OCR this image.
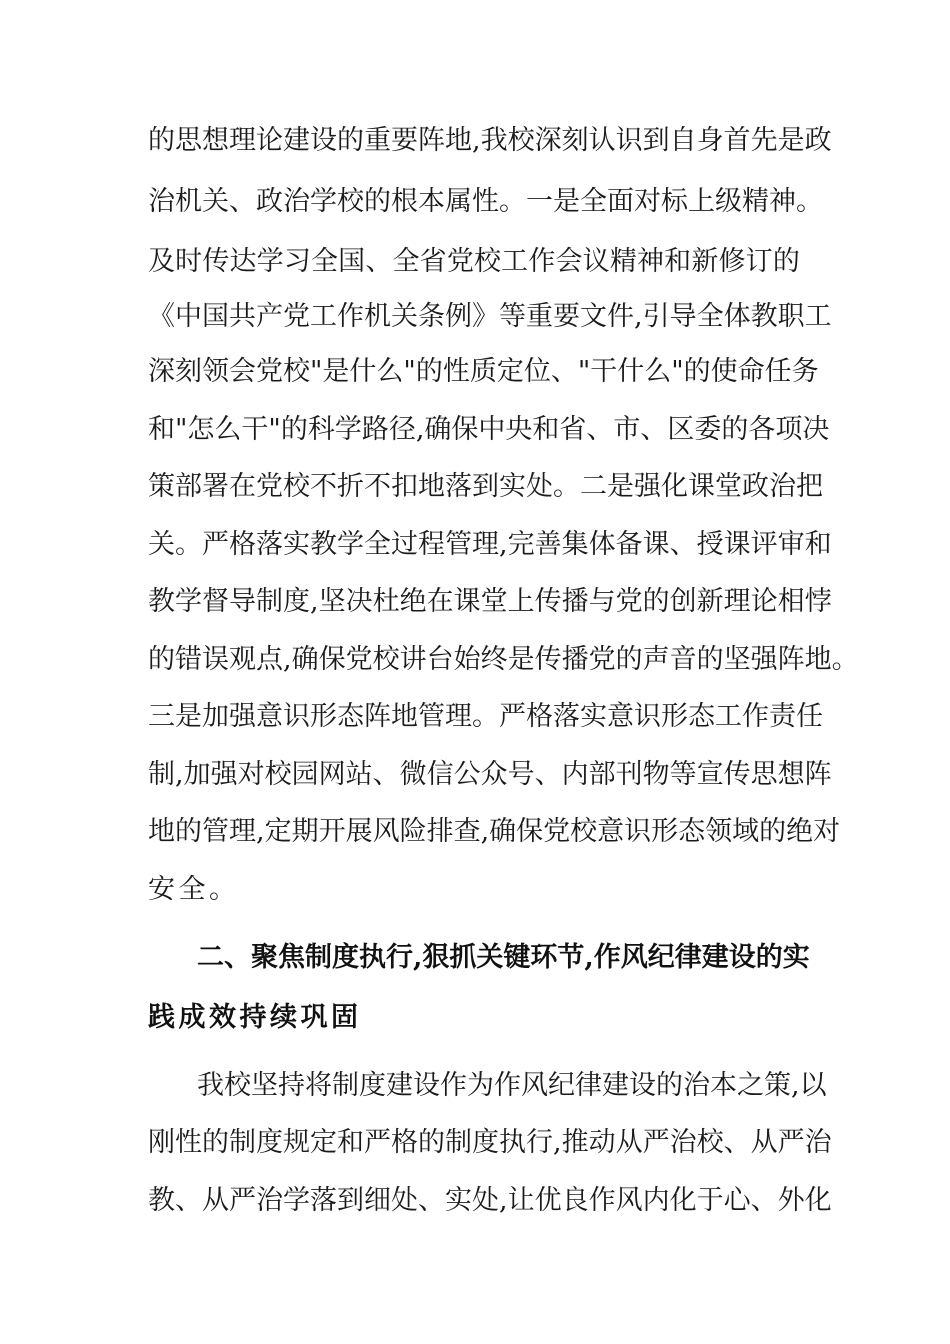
的思想理论建设的重要阵地,我校深刻认识到自身首先是政
治机关、政治学校的根本属性。一是全面对标上级精神。
及时传达学习全国、全省党校工作会议精神和新修订的
《中国共产党工作机关条例》等重要文件,引导全体教职工
深刻领会党校"是什么"的性质定位、"干什么"的使命任务
和"怎么干"的科学路径,确保中央和省、市、区委的各项决
策部署在党校不折不扣地落到实处。二是强化课堂政治把
关。严格落实教学全过程管理,完善集体备课、授课评审和
教学督导制度,坚决杜绝在课堂上传播与党的创新理论相悖
的错误观点,确保党校讲台始终是传播党的声音的坚强阵地。
三是加强意识形态阵地管理。严格落实意识形态工作责任
制,加强对校园网站、微信公众号、内部刊物等宣传思想阵
地的管理,定期开展风险排查,确保党校意识形态领域的绝对
安全。
二、聚焦制度执行,狠抓关键环节,作风纪律建设的实
践成效持续巩固
我校坚持将制度建设作为作风纪律建设的治本之策,以
刚性的制度规定和严格的制度执行,推动从严治校、从严治
教、从严治学落到细处、实处,让优良作风内化于心、外化
